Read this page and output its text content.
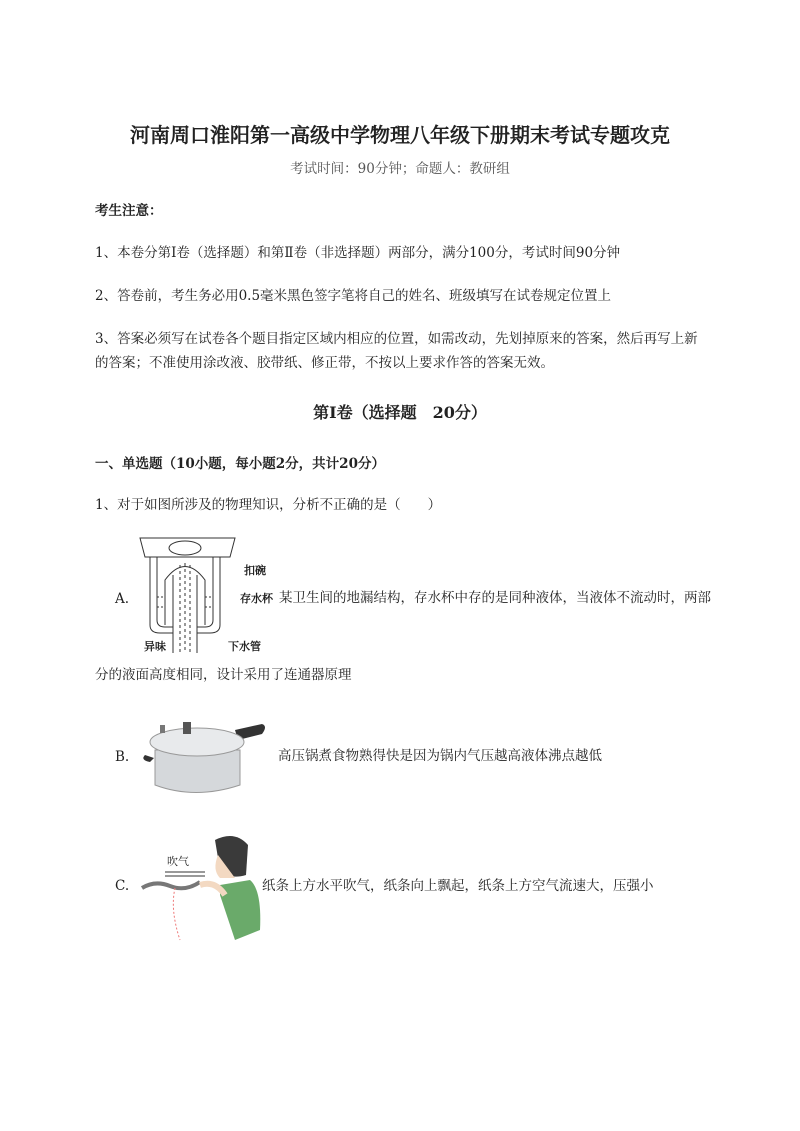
河南周口淮阳第一高级中学物理八年级下册期末考试专题攻克
考试时间：90分钟；命题人：教研组
考生注意：
1、本卷分第Ⅰ卷（选择题）和第Ⅱ卷（非选择题）两部分，满分100分，考试时间90分钟
2、答卷前，考生务必用0.5毫米黑色签字笔将自己的姓名、班级填写在试卷规定位置上
3、答案必须写在试卷各个题目指定区域内相应的位置，如需改动，先划掉原来的答案，然后再写上新
的答案；不准使用涂改液、胶带纸、修正带，不按以上要求作答的答案无效。
第Ⅰ卷（选择题　20分）
一、单选题（10小题，每小题2分，共计20分）
1、对于如图所涉及的物理知识，分析不正确的是（　　）
A.
扣碗
存水杯
异味	下水管
某卫生间的地漏结构，存水杯中存的是同种液体，当液体不流动时，两部
分的液面高度相同，设计采用了连通器原理
B.	高压锅煮食物熟得快是因为锅内气压越高液体沸点越低
C.
吹气
纸条上方水平吹气，纸条向上飘起，纸条上方空气流速大，压强小
